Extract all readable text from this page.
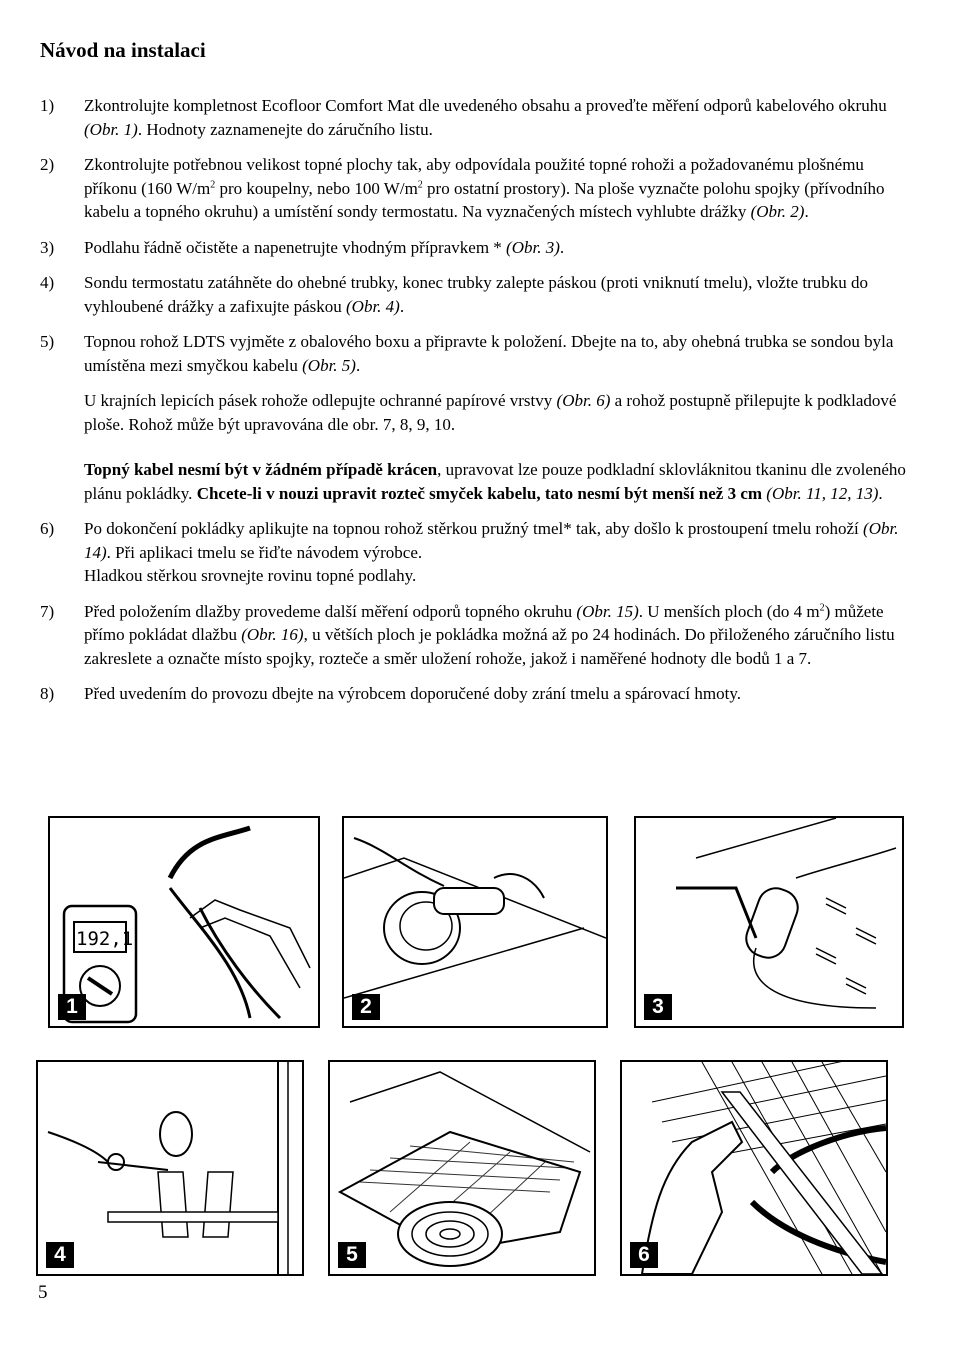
Návod na instalaci
1)	Zkontrolujte kompletnost Ecofloor Comfort Mat dle uvedeného obsahu a proveďte měření odporů kabelového okruhu (Obr. 1). Hodnoty zaznamenejte do záručního listu.
2)	Zkontrolujte potřebnou velikost topné plochy tak, aby odpovídala použité topné rohoži a požadovanému plošnému příkonu (160 $W/m^2$ pro koupelny, nebo 100 $W/m^2$ pro ostatní prostory). Na ploše vyznačte polohu spojky (přívodního kabelu a topného okruhu) a umístění sondy termostatu. Na vyznačených místech vyhlubte drážky (Obr. 2).
3)	Podlahu řádně očistěte a napenetrujte vhodným přípravkem * (Obr. 3).
4)	Sondu termostatu zatáhněte do ohebné trubky, konec trubky zalepte páskou (proti vniknutí tmelu), vložte trubku do vyhloubené drážky a zafixujte páskou (Obr. 4).
5)	Topnou rohož LDTS vyjměte z obalového boxu a připravte k položení. Dbejte na to, aby ohebná trubka se sondou byla umístěna mezi smyčkou kabelu (Obr. 5).

U krajních lepicích pásek rohože odlepujte ochranné papírové vrstvy (Obr. 6) a rohož postupně přilepujte k podkladové ploše. Rohož může být upravována dle obr. 7, 8, 9, 10.

Topný kabel nesmí být v žádném případě krácen, upravovat lze pouze podkladní sklovláknitou tkaninu dle zvoleného plánu pokládky. Chcete-li v nouzi upravit rozteč smyček kabelu, tato nesmí být menší než 3 cm (Obr. 11, 12, 13).

6)	Po dokončení pokládky aplikujte na topnou rohož stěrkou pružný tmel* tak, aby došlo k prostoupení tmelu rohoží (Obr. 14). Při aplikaci tmelu se řiďte návodem výrobce.
Hladkou stěrkou srovnejte rovinu topné podlahy.
7)	Před položením dlažby provedeme další měření odporů topného okruhu (Obr. 15). U menších ploch (do 4 $m^2$) můžete přímo pokládat dlažbu (Obr. 16), u větších ploch je pokládka možná až po 24 hodinách. Do přiloženého záručního listu zakreslete a označte místo spojky, rozteče a směr uložení rohože, jakož i naměřené hodnoty dle bodů 1 a 7.
8)	Před uvedením do provozu dbejte na výrobcem doporučené doby zrání tmelu a spárovací hmoty.
192,1
1	2	3
4	5	6
5
